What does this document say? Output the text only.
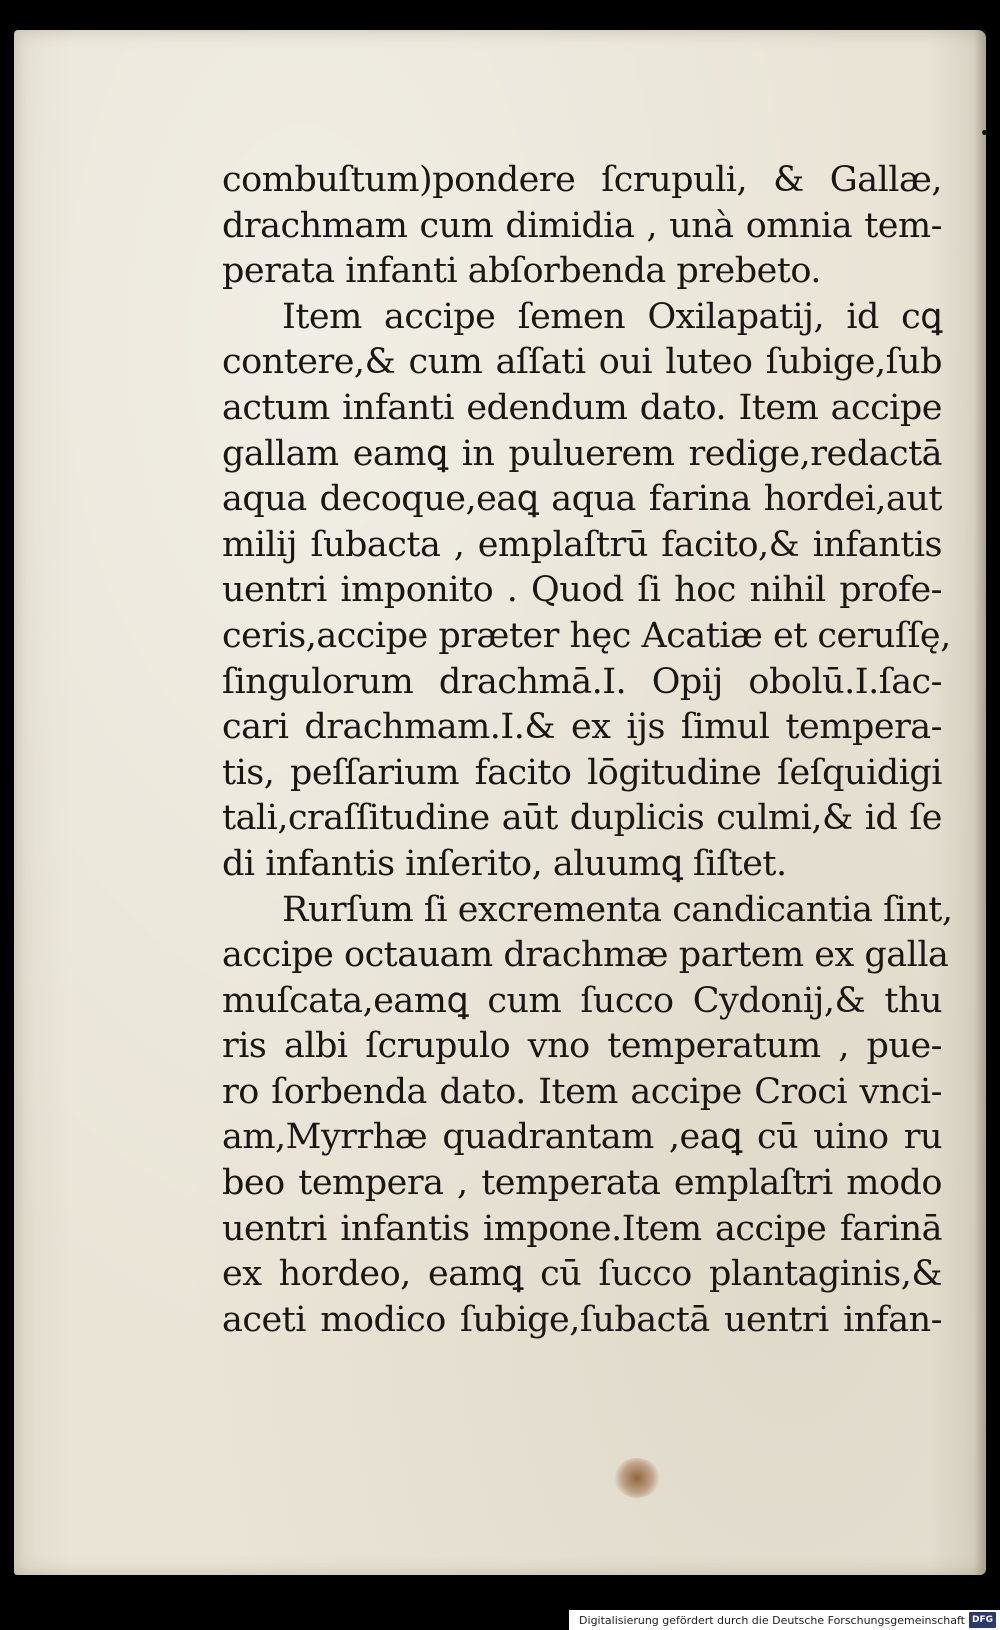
combuſtum)pondere ſcrupuli, & Gallæ,
drachmam cum dimidia , unà omnia tem-
perata infanti abſorbenda prebeto.
Item accipe ſemen Oxilapatij, id cꝗ
contere,& cum aſſati oui luteo ſubige,ſub
actum infanti edendum dato. Item accipe
gallam eamꝗ in puluerem redige,redactā
aqua decoque,eaꝗ aqua farina hordei,aut
milij ſubacta , emplaſtrū facito,& infantis
uentri imponito . Quod ſi hoc nihil profe-
ceris,accipe præter hęc Acatiæ et ceruſſę,
ſingulorum drachmā.I. Opij obolū.I.ſac-
cari drachmam.I.& ex ijs ſimul tempera-
tis, peſſarium facito lōgitudine ſeſquidigi
tali,craſſitudine aūt duplicis culmi,& id ſe
di infantis inſerito, aluumꝗ ſiſtet.
Rurſum ſi excrementa candicantia ſint,
accipe octauam drachmæ partem ex galla
muſcata,eamꝗ cum ſucco Cydonij,& thu
ris albi ſcrupulo vno temperatum , pue-
ro ſorbenda dato. Item accipe Croci vnci-
am,Myrrhæ quadrantam ,eaꝗ cū uino ru
beo tempera , temperata emplaſtri modo
uentri infantis impone.Item accipe farinā
ex hordeo, eamꝗ cū ſucco plantaginis,&
aceti modico ſubige,ſubactā uentri infan-
Digitalisierung gefördert durch die Deutsche Forschungsgemeinschaft DFG
